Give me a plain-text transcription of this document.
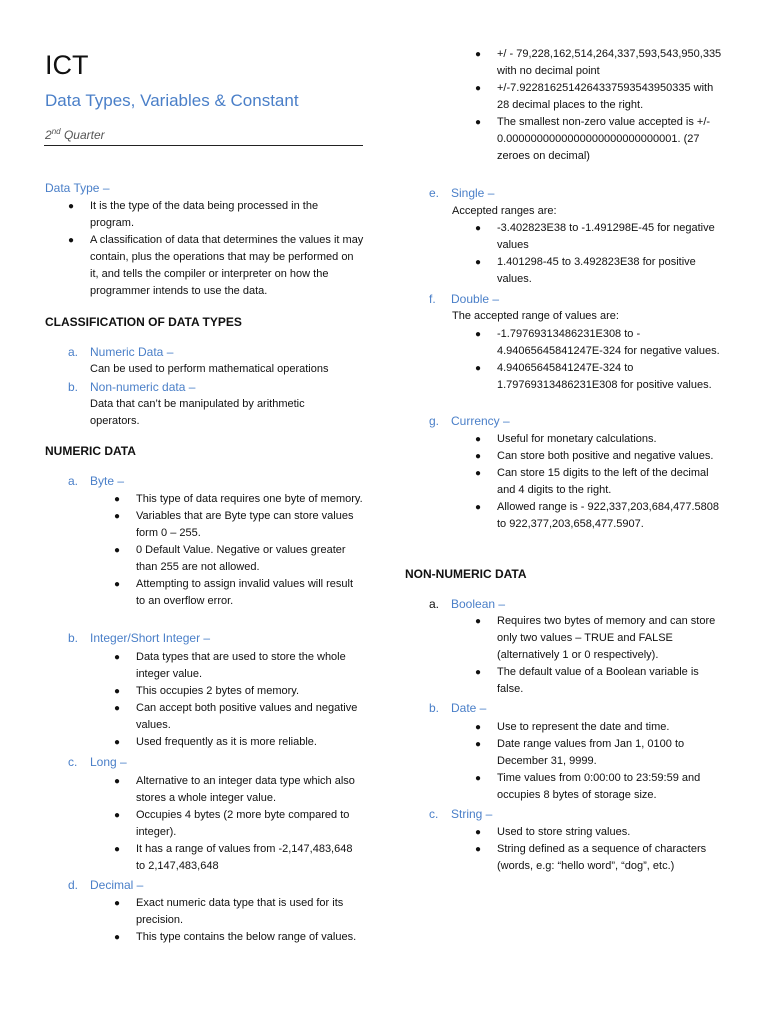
ICT
Data Types, Variables & Constant
2nd Quarter
Data Type –
● It is the type of the data being processed in the program.
● A classification of data that determines the values it may contain, plus the operations that may be performed on it, and tells the compiler or interpreter on how the programmer intends to use the data.
CLASSIFICATION OF DATA TYPES
a. Numeric Data –
Can be used to perform mathematical operations
b. Non-numeric data –
Data that can’t be manipulated by arithmetic operators.
NUMERIC DATA
a. Byte –
● This type of data requires one byte of memory.
● Variables that are Byte type can store values form 0 – 255.
● 0 Default Value. Negative or values greater than 255 are not allowed.
● Attempting to assign invalid values will result to an overflow error.
b. Integer/Short Integer –
● Data types that are used to store the whole integer value.
● This occupies 2 bytes of memory.
● Can accept both positive values and negative values.
● Used frequently as it is more reliable.
c. Long –
● Alternative to an integer data type which also stores a whole integer value.
● Occupies 4 bytes (2 more byte compared to integer).
● It has a range of values from -2,147,483,648 to 2,147,483,648
d. Decimal –
● Exact numeric data type that is used for its precision.
● This type contains the below range of values.
● +/ - 79,228,162,514,264,337,593,543,950,335 with no decimal point
● +/-7.9228162514264337593543950335 with 28 decimal places to the right.
● The smallest non-zero value accepted is +/- 0.0000000000000000000000000001. (27 zeroes on decimal)
e. Single –
Accepted ranges are:
● -3.402823E38 to -1.491298E-45 for negative values
● 1.401298-45 to 3.492823E38 for positive values.
f. Double –
The accepted range of values are:
● -1.79769313486231E308 to - 4.94065645841247E-324 for negative values.
● 4.94065645841247E-324 to 1.79769313486231E308 for positive values.
g. Currency –
● Useful for monetary calculations.
● Can store both positive and negative values.
● Can store 15 digits to the left of the decimal and 4 digits to the right.
● Allowed range is - 922,337,203,684,477.5808 to 922,377,203,658,477.5907.
NON-NUMERIC DATA
a. Boolean –
● Requires two bytes of memory and can store only two values – TRUE and FALSE (alternatively 1 or 0 respectively).
● The default value of a Boolean variable is false.
b. Date –
● Use to represent the date and time.
● Date range values from Jan 1, 0100 to December 31, 9999.
● Time values from 0:00:00 to 23:59:59 and occupies 8 bytes of storage size.
c. String –
● Used to store string values.
● String defined as a sequence of characters (words, e.g: “hello word”, “dog”, etc.)
